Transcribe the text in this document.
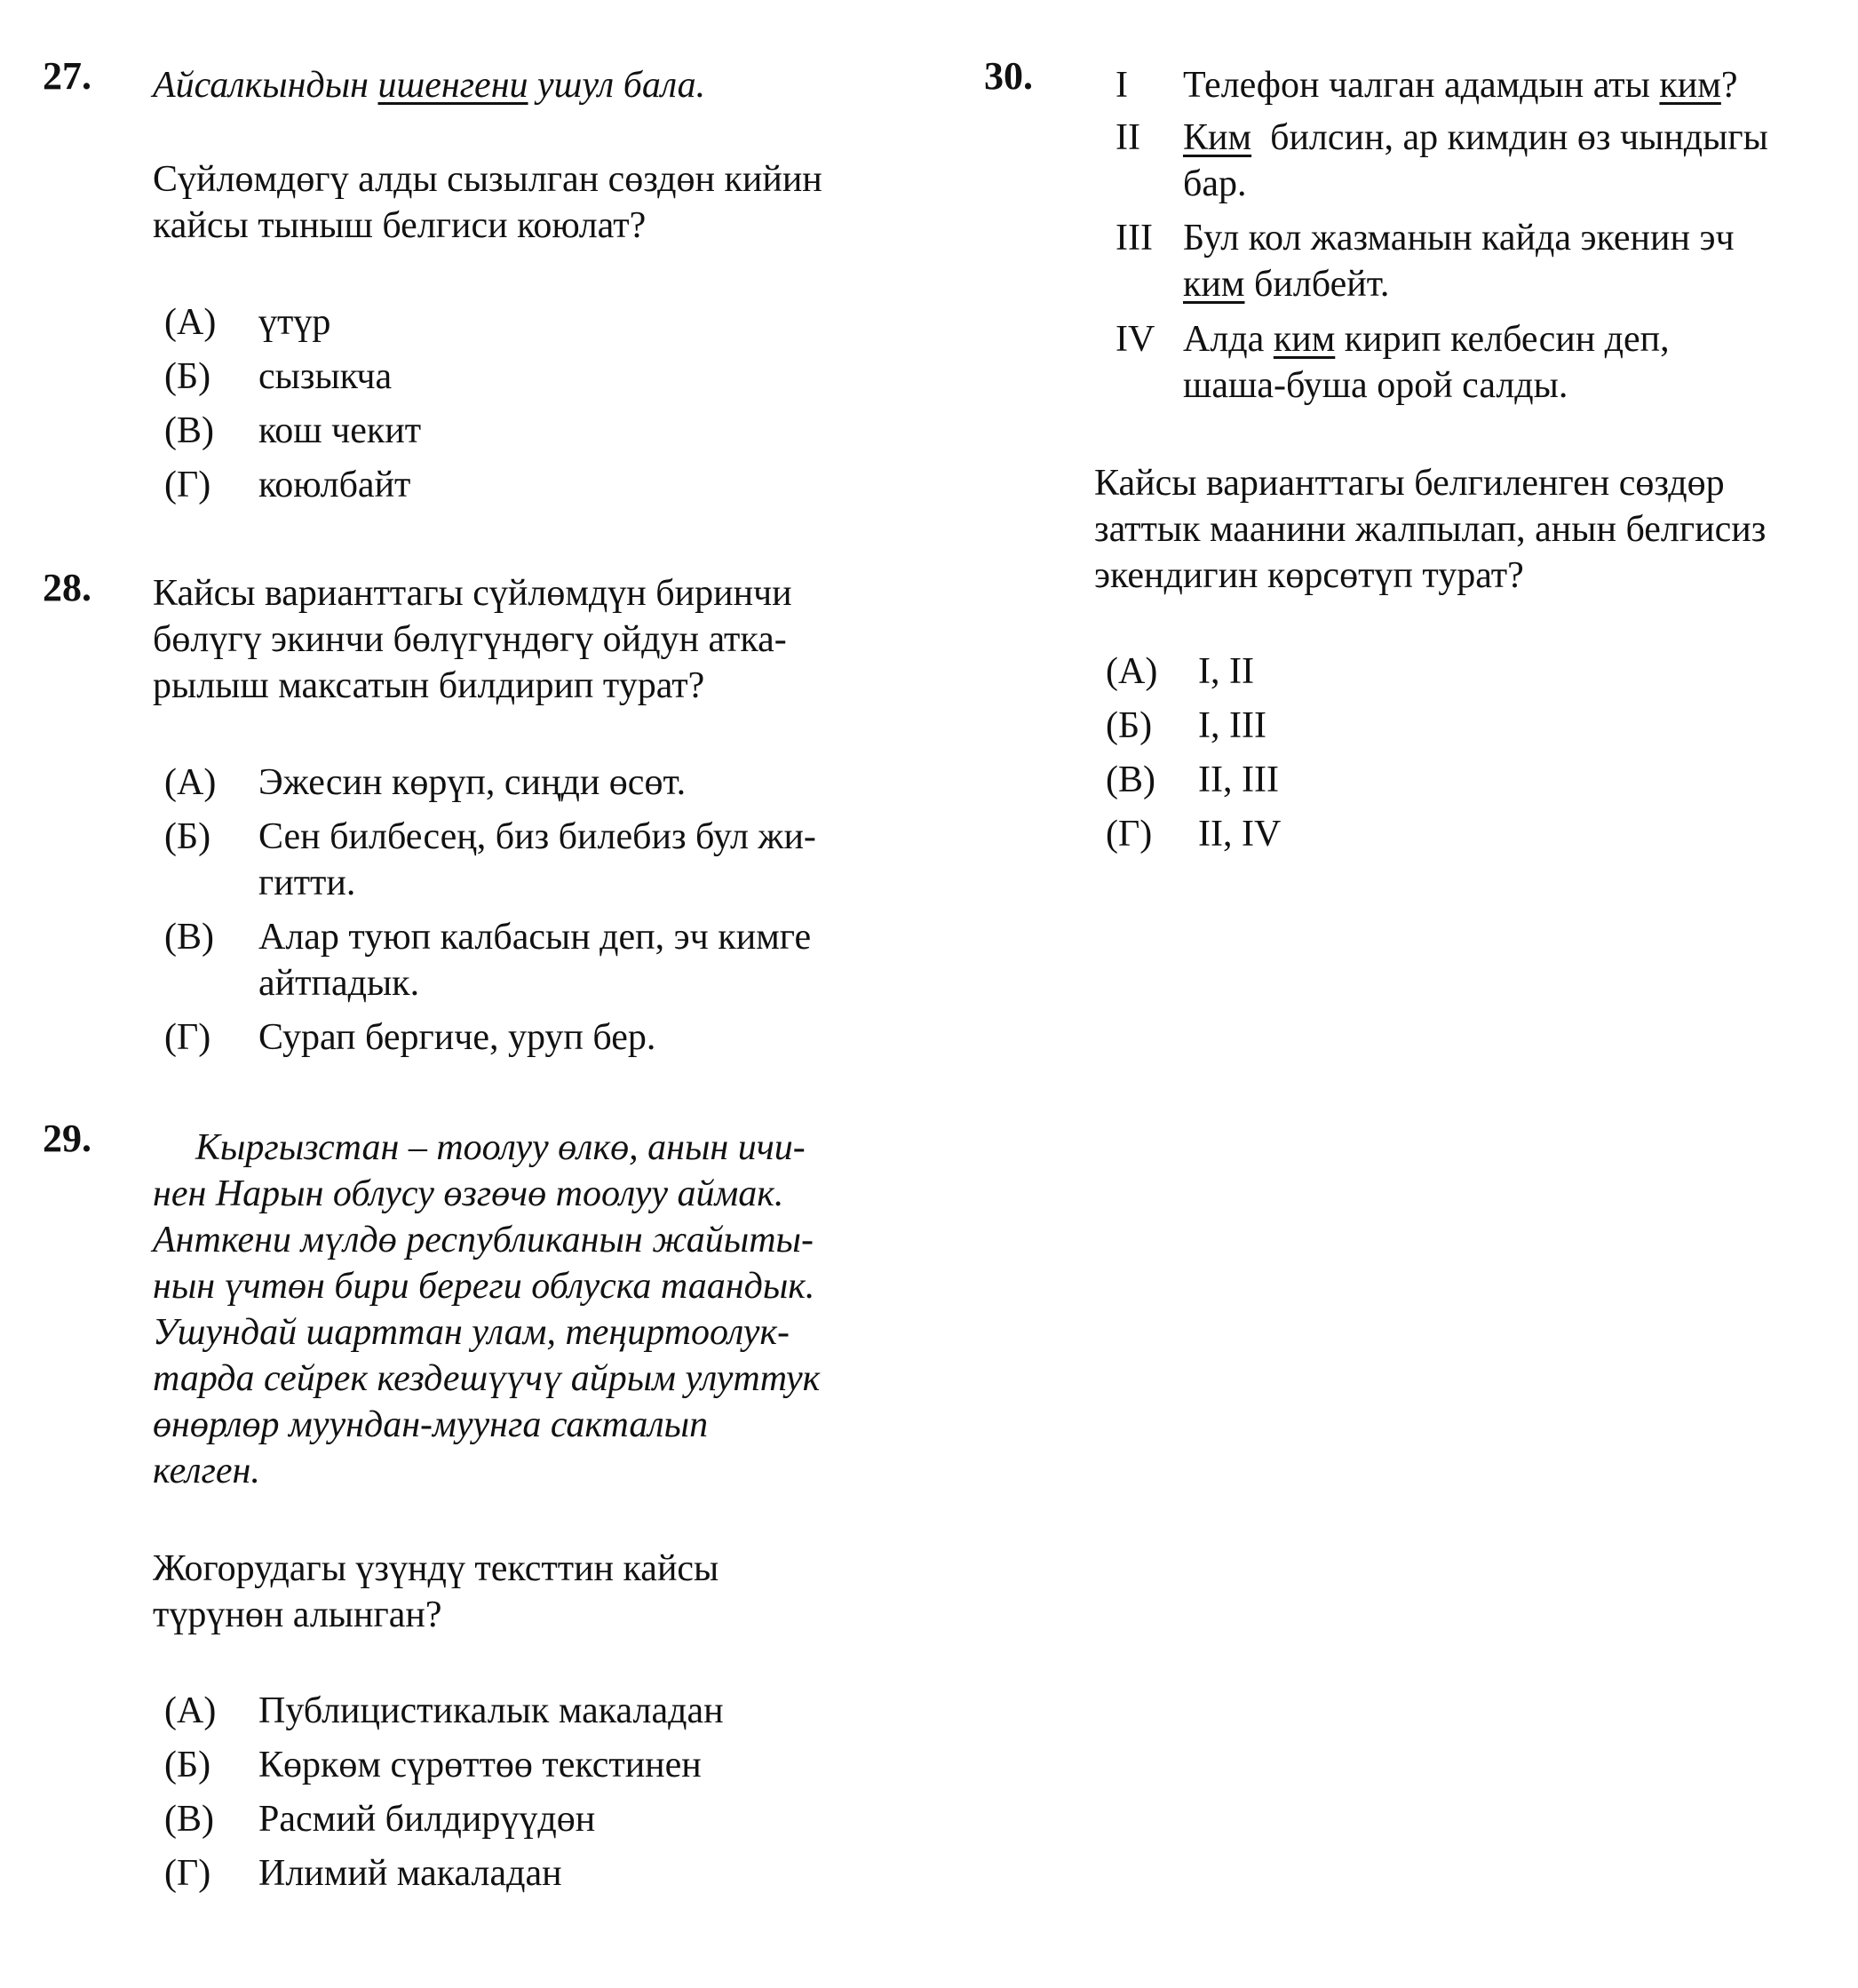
27. Айсалкындын ишенгени ушул бала.
Сүйлөмдөгү алды сызылган сөздөн кийин
кайсы тыныш белгиси коюлат?
(А) үтүр
(Б) сызыкча
(В) кош чекит
(Г) коюлбайт
28. Кайсы варианттагы сүйлөмдүн биринчи
бөлүгү экинчи бөлүгүндөгү ойдун атка-
рылыш максатын билдирип турат?
(А) Эжесин көрүп, сиңди өсөт.
(Б) Сен билбесең, биз билебиз бул жи-
гитти.
(В) Алар туюп калбасын деп, эч кимге
айтпадык.
(Г) Сурап бергиче, уруп бер.
29.	Кыргызстан – тоолуу өлкө, анын ичи-
нен Нарын облусу өзгөчө тоолуу аймак.
Анткени мүлдө республиканын жайыты-
нын үчтөн бири береги облуска таандык.
Ушундай шарттан улам, теңиртоолук-
тарда сейрек кездешүүчү айрым улуттук
өнөрлөр муундан-муунга сакталып
келген.
Жогорудагы үзүндү тексттин кайсы
түрүнөн алынган?
(А) Публицистикалык макаладан
(Б) Көркөм сүрөттөө текстинен
(В) Расмий билдирүүдөн
(Г) Илимий макаладан
30. I Телефон чалган адамдын аты ким?
II Ким  билсин, ар кимдин өз чындыгы
бар.
III Бул кол жазманын кайда экенин эч
ким билбейт.
IV Алда ким кирип келбесин деп,
шаша-буша орой салды.
Кайсы варианттагы белгиленген сөздөр
заттык маанини жалпылап, анын белгисиз
экендигин көрсөтүп турат?
(А) I, II
(Б) I, III
(В) II, III
(Г) II, IV
